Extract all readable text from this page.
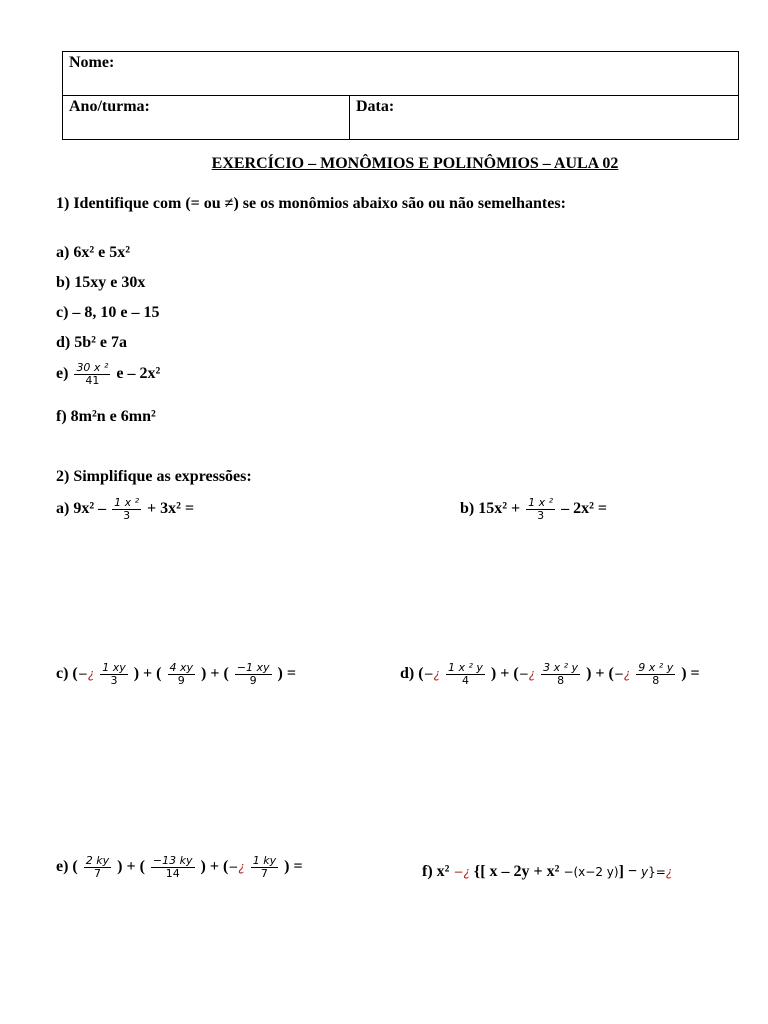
Nome:
Ano/turma:	Data:
EXERCÍCIO – MONÔMIOS E POLINÔMIOS – AULA 02
1) Identifique com (= ou ≠) se os monômios abaixo são ou não semelhantes:
a) 6x² e 5x²
b) 15xy e 30x
c) – 8, 10 e – 15
d) 5b² e 7a
$e) \frac{\text{30 x ²}}{41}$ e – 2x²
f) 8m²n e 6mn²
2) Simplifique as expressões:
a) $9x^2 - \frac{\text{1 x ²}}{3} + 3x^2$ =	b) $15x^2 + \frac{\text{1 x ²}}{3} - 2x^2$ =
c) (−¿ $\frac{1 xy}{3}$ ) + ( $\frac{4 xy}{9}$ ) + ( $\frac{-1 xy}{9}$ ) =	d) (−¿ $\frac{\text{1 x ² y}}{4}$ ) + (−¿ $\frac{\text{3 x ² y}}{8}$ ) + (−¿ $\frac{\text{9 x ² y}}{8}$ ) =
e) ( $\frac{2 ky}{7}$ ) + ( $\frac{-13 ky}{14}$ ) + (−¿ $\frac{1 ky}{7}$ ) =	f) x² −¿ {[ x – 2y + x² −(x−2 y)] − y}=¿
